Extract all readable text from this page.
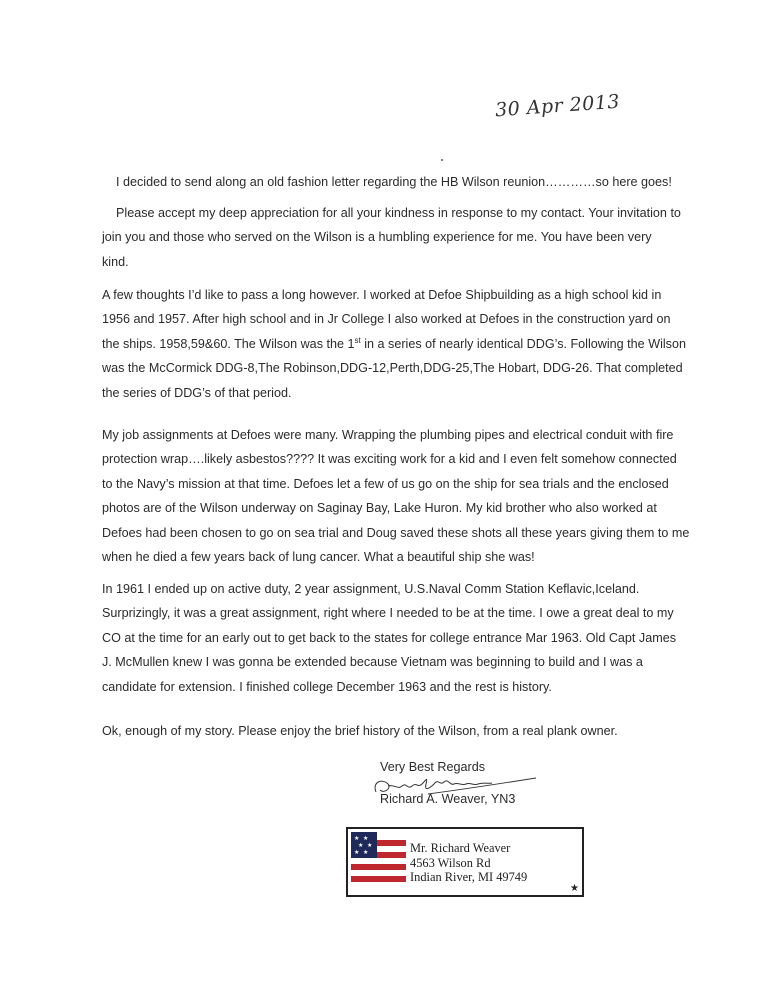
30 Apr 2013

I decided to send along an old fashion letter regarding the HB Wilson reunion…………so here goes!

Please accept my deep appreciation for all your kindness in response to my contact. Your invitation to
join you and those who served on the Wilson is a humbling experience for me. You have been very
kind.

A few thoughts I’d like to pass a long however. I worked at Defoe Shipbuilding as a high school kid in
1956 and 1957. After high school and in Jr College I also worked at Defoes in the construction yard on
the ships. 1958,59&60. The Wilson was the 1st in a series of nearly identical DDG’s. Following the Wilson
was the McCormick DDG-8,The Robinson,DDG-12,Perth,DDG-25,The Hobart, DDG-26. That completed
the series of DDG’s of that period.

My job assignments at Defoes were many. Wrapping the plumbing pipes and electrical conduit with fire
protection wrap….likely asbestos???? It was exciting work for a kid and I even felt somehow connected
to the Navy’s mission at that time. Defoes let a few of us go on the ship for sea trials and the enclosed
photos are of the Wilson underway on Saginay Bay, Lake Huron. My kid brother who also worked at
Defoes had been chosen to go on sea trial and Doug saved these shots all these years giving them to me
when he died a few years back of lung cancer. What a beautiful ship she was!

In 1961 I ended up on active duty, 2 year assignment, U.S.Naval Comm Station Keflavic,Iceland.
Surprizingly, it was a great assignment, right where I needed to be at the time. I owe a great deal to my
CO at the time for an early out to get back to the states for college entrance Mar 1963. Old Capt James
J. McMullen knew I was gonna be extended because Vietnam was beginning to build and I was a
candidate for extension. I finished college December 1963 and the rest is history.

Ok, enough of my story. Please enjoy the brief history of the Wilson, from a real plank owner.

Very Best Regards
Richard A. Weaver, YN3
★ ★
★ ★
★ ★	Mr. Richard Weaver
4563 Wilson Rd
Indian River, MI 49749
★
